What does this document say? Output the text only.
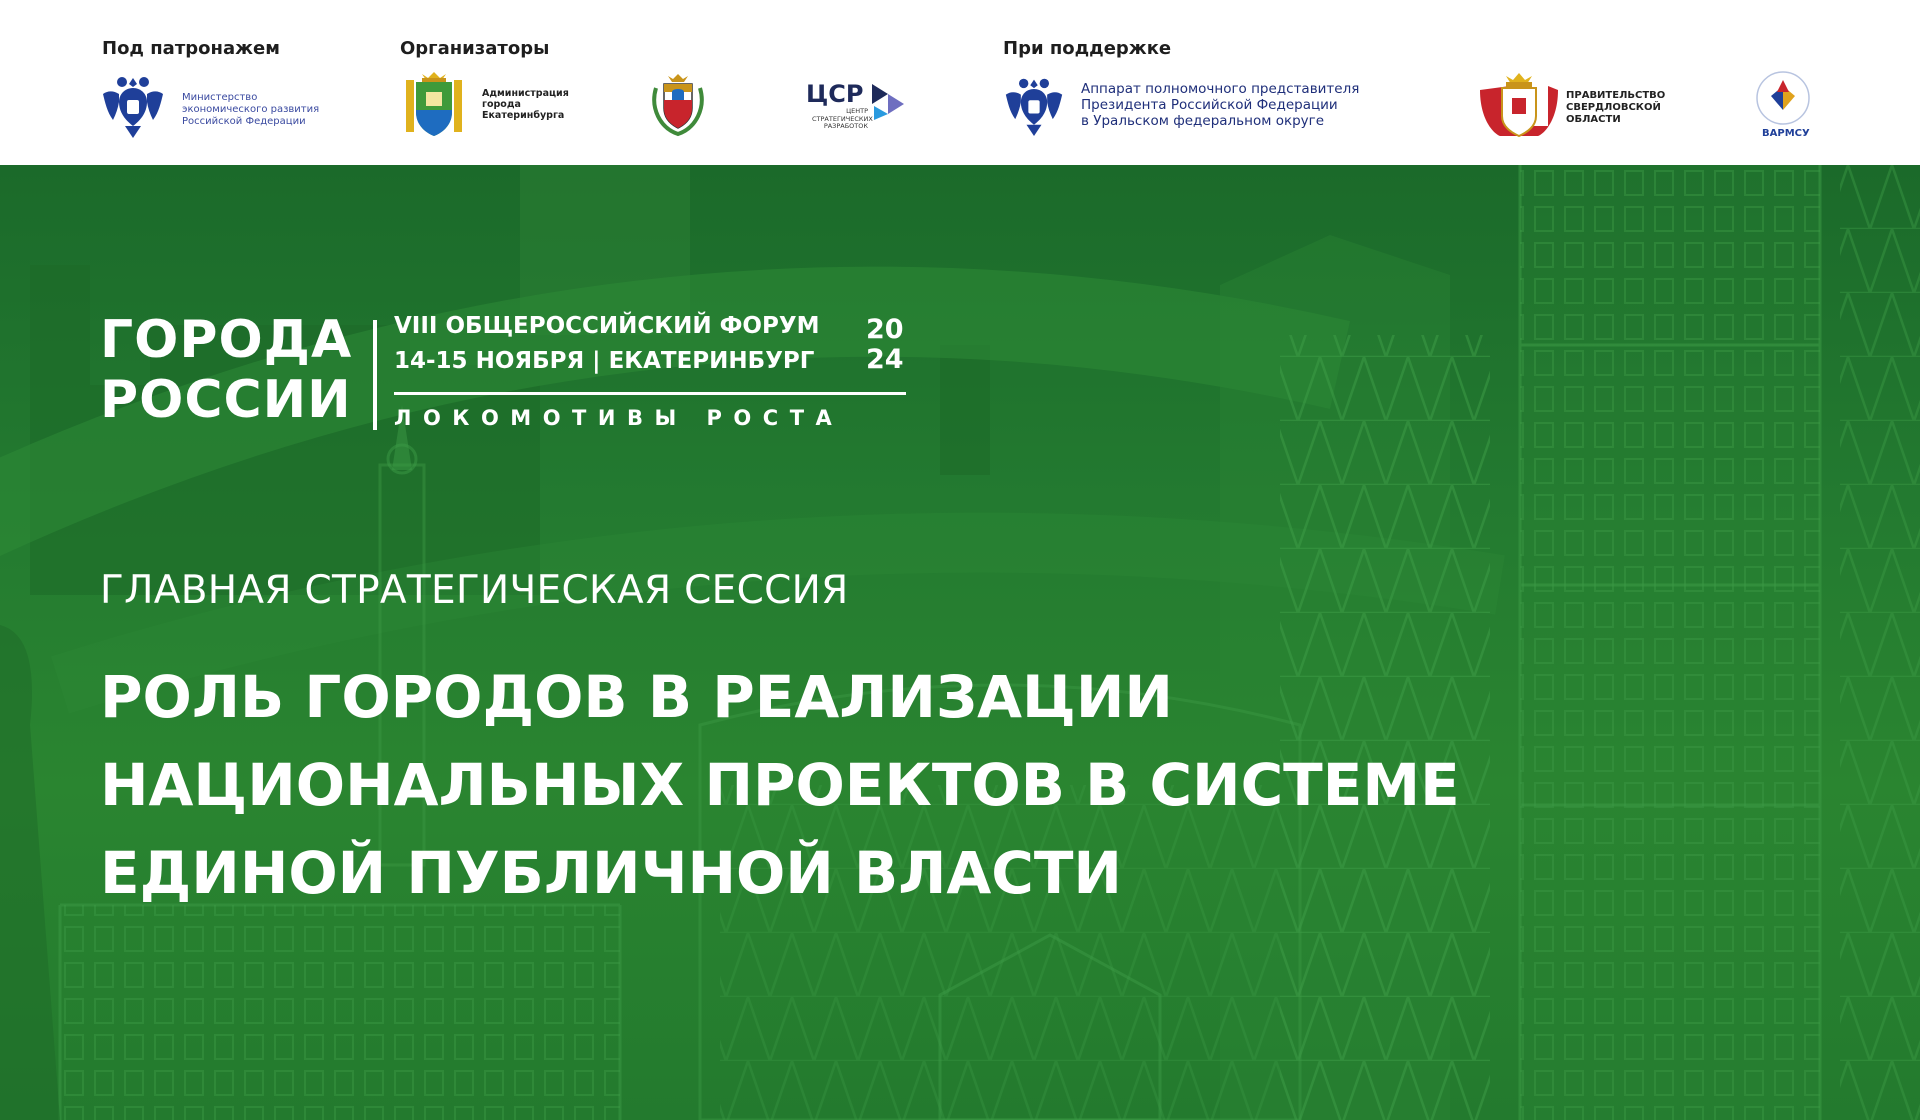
Под патронажем	Организаторы	При поддержке
Министерство
экономического развития
Российской Федерации
Администрация
города
Екатеринбурга
ЦСР
ЦЕНТР
СТРАТЕГИЧЕСКИХ
РАЗРАБОТОК
Аппарат полномочного представителя
Президента Российской Федерации
в Уральском федеральном округе
ПРАВИТЕЛЬСТВО
СВЕРДЛОВСКОЙ
ОБЛАСТИ
ВАРМСУ
ГОРОДА
РОССИИ
VIII ОБЩЕРОССИЙСКИЙ ФОРУМ
14-15 НОЯБРЯ | ЕКАТЕРИНБУРГ
20
24
ЛОКОМОТИВЫ РОСТА
ГЛАВНАЯ СТРАТЕГИЧЕСКАЯ СЕССИЯ
РОЛЬ ГОРОДОВ В РЕАЛИЗАЦИИ
НАЦИОНАЛЬНЫХ ПРОЕКТОВ В СИСТЕМЕ
ЕДИНОЙ ПУБЛИЧНОЙ ВЛАСТИ
